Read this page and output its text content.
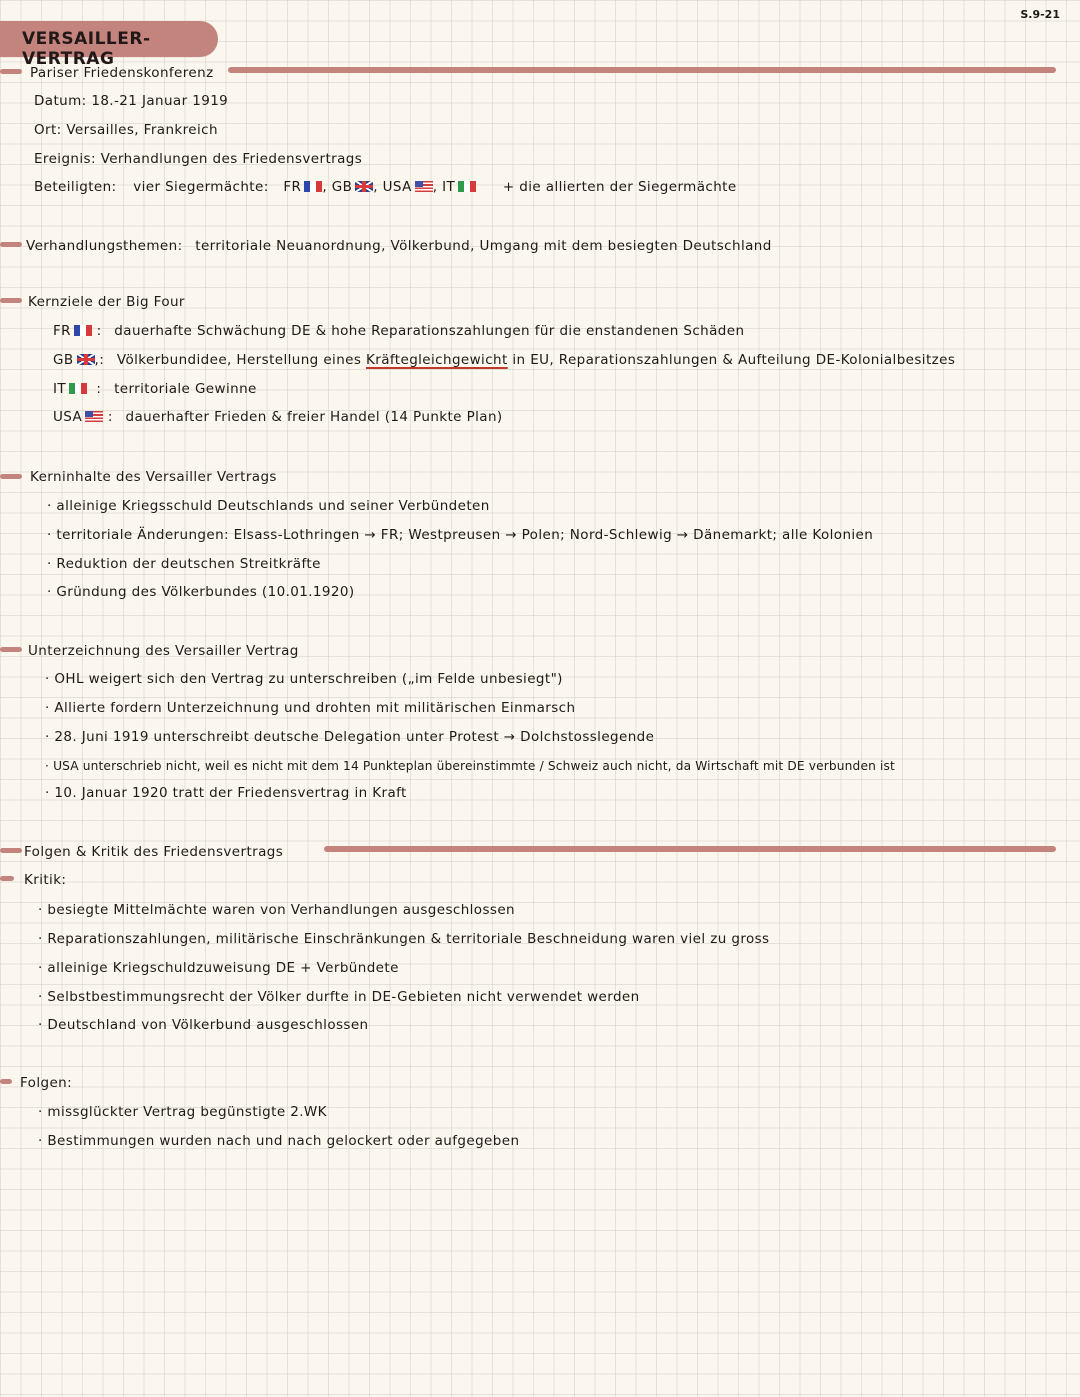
S.9-21
VERSAILLER-VERTRAG
Pariser Friedenskonferenz
Datum: 18.-21 Januar 1919
Ort: Versailles, Frankreich
Ereignis: Verhandlungen des Friedensvertrags
Beteiligten: vier Siegermächte: FR , GB , USA , IT	+ die allierten der Siegermächte
Verhandlungsthemen: territoriale Neuanordnung, Völkerbund, Umgang mit dem besiegten Deutschland
Kernziele der Big Four
FR : dauerhafte Schwächung DE & hohe Reparationszahlungen für die enstandenen Schäden
GB ,: Völkerbundidee, Herstellung eines Kräftegleichgewicht in EU, Reparationszahlungen & Aufteilung DE-Kolonialbesitzes
IT  : territoriale Gewinne
USA : dauerhafter Frieden & freier Handel (14 Punkte Plan)
Kerninhalte des Versailler Vertrags
· alleinige Kriegsschuld Deutschlands und seiner Verbündeten
· territoriale Änderungen: Elsass-Lothringen → FR; Westpreusen → Polen; Nord-Schlewig → Dänemarkt; alle Kolonien
· Reduktion der deutschen Streitkräfte
· Gründung des Völkerbundes (10.01.1920)
Unterzeichnung des Versailler Vertrag
· OHL weigert sich den Vertrag zu unterschreiben („im Felde unbesiegt")
· Allierte fordern Unterzeichnung und drohten mit militärischen Einmarsch
· 28. Juni 1919 unterschreibt deutsche Delegation unter Protest → Dolchstosslegende
· USA unterschrieb nicht, weil es nicht mit dem 14 Punkteplan übereinstimmte / Schweiz auch nicht, da Wirtschaft mit DE verbunden ist
· 10. Januar 1920 tratt der Friedensvertrag in Kraft
Folgen & Kritik des Friedensvertrags
Kritik:
· besiegte Mittelmächte waren von Verhandlungen ausgeschlossen
· Reparationszahlungen, militärische Einschränkungen & territoriale Beschneidung waren viel zu gross
· alleinige Kriegschuldzuweisung DE + Verbündete
· Selbstbestimmungsrecht der Völker durfte in DE-Gebieten nicht verwendet werden
· Deutschland von Völkerbund ausgeschlossen
Folgen:
· missglückter Vertrag begünstigte 2.WK
· Bestimmungen wurden nach und nach gelockert oder aufgegeben
